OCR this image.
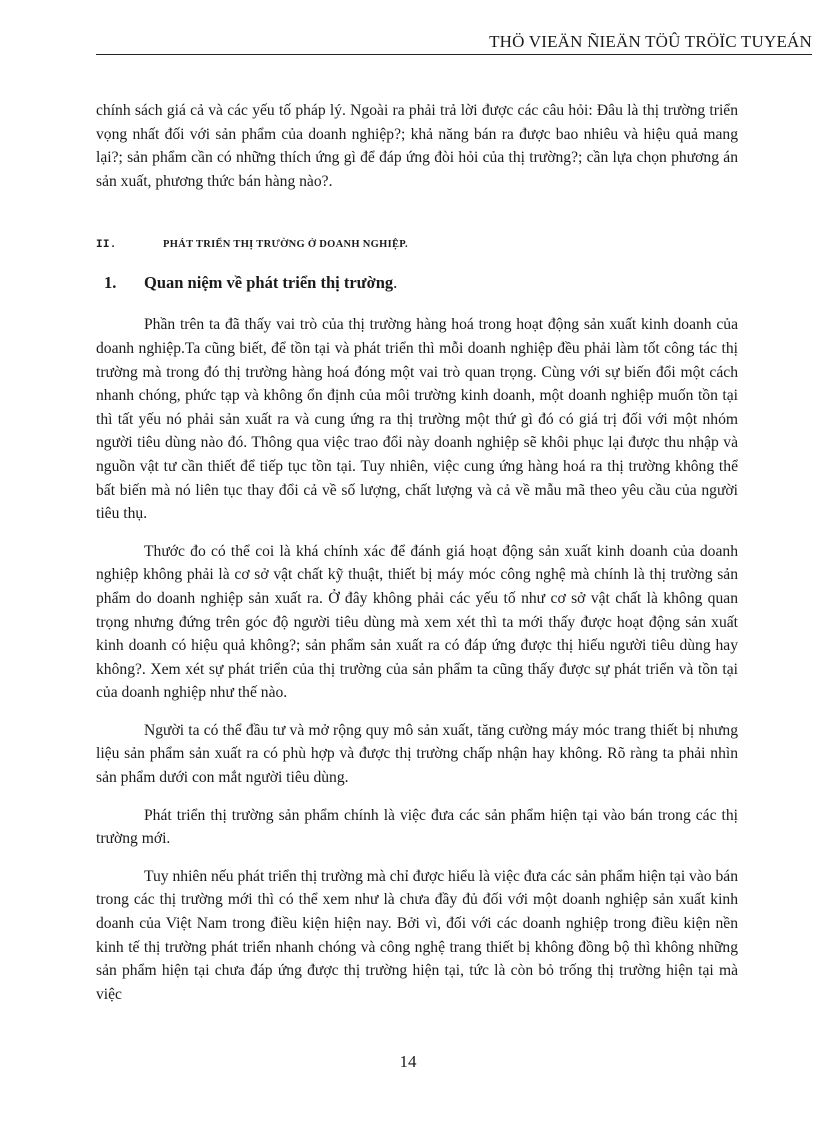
THÖ VIEÄN ÑIEÄN TÖÛ TRÖÏC TUYEÁN

chính sách giá cả và các yếu tố pháp lý. Ngoài ra phải trả lời được các câu hỏi: Đâu là thị trường triển vọng nhất đối với sản phẩm của doanh nghiệp?; khả năng bán ra được bao nhiêu và hiệu quả mang lại?; sản phẩm cần có những thích ứng gì để đáp ứng đòi hỏi của thị trường?; cần lựa chọn phương án sản xuất, phương thức bán hàng nào?.

II.	PHÁT TRIỂN THỊ TRƯỜNG Ở DOANH NGHIỆP.
1.	Quan niệm về phát triển thị trường .

Phần trên ta đã thấy vai trò của thị trường hàng hoá trong hoạt động sản xuất kinh doanh của doanh nghiệp.Ta cũng biết, để tồn tại và phát triển thì mỗi doanh nghiệp đều phải làm tốt công tác thị trường mà trong đó thị trường hàng hoá đóng một vai trò quan trọng. Cùng với sự biến đổi một cách nhanh chóng, phức tạp và không ổn định của môi trường kinh doanh, một doanh nghiệp muốn tồn tại thì tất yếu nó phải sản xuất ra và cung ứng ra thị trường một thứ gì đó có giá trị đối với một nhóm người tiêu dùng nào đó. Thông qua việc trao đổi này doanh nghiệp sẽ khôi phục lại được thu nhập và nguồn vật tư cần thiết để tiếp tục tồn tại. Tuy nhiên, việc cung ứng hàng hoá ra thị trường không thể bất biến mà nó liên tục thay đổi cả về số lượng, chất lượng và cả về mẫu mã theo yêu cầu của người tiêu thụ.

Thước đo có thể coi là khá chính xác để đánh giá hoạt động sản xuất kinh doanh của doanh nghiệp không phải là cơ sở vật chất kỹ thuật, thiết bị máy móc công nghệ mà chính là thị trường sản phẩm do doanh nghiệp sản xuất ra. Ở đây không phải các yếu tố như cơ sở vật chất là không quan trọng nhưng đứng trên góc độ người tiêu dùng mà xem xét thì ta mới thấy được hoạt động sản xuất kinh doanh có hiệu quả không?; sản phẩm sản xuất ra có đáp ứng được thị hiếu người tiêu dùng hay không?. Xem xét sự phát triển của thị trường của sản phẩm ta cũng thấy được sự phát triển và tồn tại của doanh nghiệp như thế nào.

Người ta có thể đầu tư và mở rộng quy mô sản xuất, tăng cường máy móc trang thiết bị nhưng liệu sản phẩm sản xuất ra có phù hợp và được thị trường chấp nhận hay không. Rõ ràng ta phải nhìn sản phẩm dưới con mắt người tiêu dùng.

Phát triển thị trường sản phẩm chính là việc đưa các sản phẩm hiện tại vào bán trong các thị trường mới.

Tuy nhiên nếu phát triển thị trường mà chỉ được hiểu là việc đưa các sản phẩm hiện tại vào bán trong các thị trường mới thì có thể xem như là chưa đầy đủ đối với một doanh nghiệp sản xuất kinh doanh của Việt Nam trong điều kiện hiện nay. Bởi vì, đối với các doanh nghiệp trong điều kiện nền kinh tế thị trường phát triển nhanh chóng và công nghệ trang thiết bị không đồng bộ thì không những sản phẩm hiện tại chưa đáp ứng được thị trường hiện tại, tức là còn bỏ trống thị trường hiện tại mà việc

14
